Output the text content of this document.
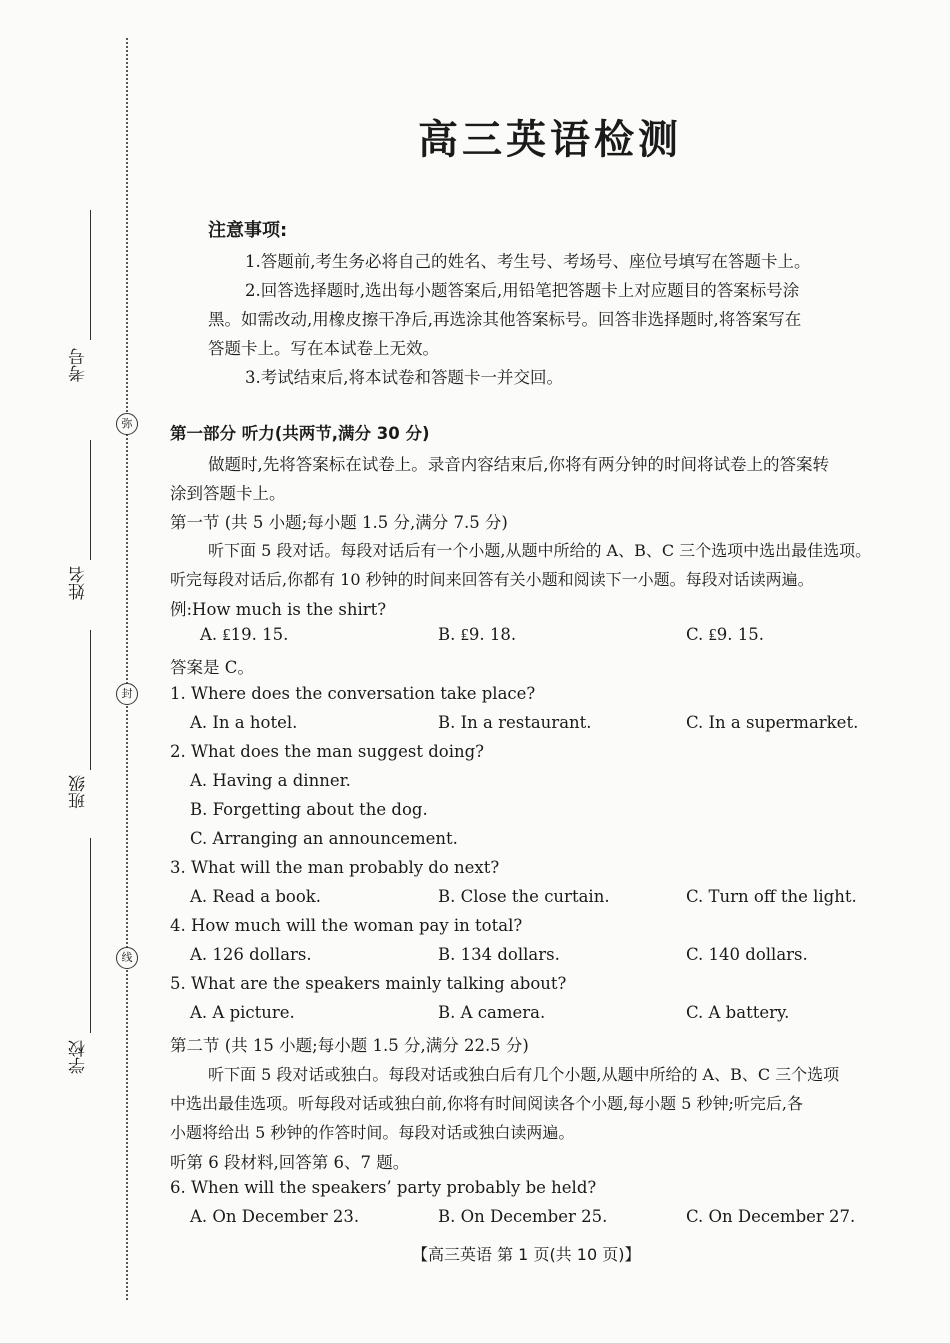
弥
封
线
考号
姓名
班级
学校
高三英语检测
注意事项:
1.答题前,考生务必将自己的姓名、考生号、考场号、座位号填写在答题卡上。
2.回答选择题时,选出每小题答案后,用铅笔把答题卡上对应题目的答案标号涂
黑。如需改动,用橡皮擦干净后,再选涂其他答案标号。回答非选择题时,将答案写在
答题卡上。写在本试卷上无效。
3.考试结束后,将本试卷和答题卡一并交回。
第一部分 听力(共两节,满分 30 分)
做题时,先将答案标在试卷上。录音内容结束后,你将有两分钟的时间将试卷上的答案转
涂到答题卡上。
第一节 (共 5 小题;每小题 1.5 分,满分 7.5 分)
听下面 5 段对话。每段对话后有一个小题,从题中所给的 A、B、C 三个选项中选出最佳选项。
听完每段对话后,你都有 10 秒钟的时间来回答有关小题和阅读下一小题。每段对话读两遍。
例:How much is the shirt?
A. ₤19. 15.	B. ₤9. 18.	C. ₤9. 15.
答案是 C。
1. Where does the conversation take place?
A. In a hotel.	B. In a restaurant.	C. In a supermarket.
2. What does the man suggest doing?
A. Having a dinner.
B. Forgetting about the dog.
C. Arranging an announcement.
3. What will the man probably do next?
A. Read a book.	B. Close the curtain.	C. Turn off the light.
4. How much will the woman pay in total?
A. 126 dollars.	B. 134 dollars.	C. 140 dollars.
5. What are the speakers mainly talking about?
A. A picture.	B. A camera.	C. A battery.
第二节 (共 15 小题;每小题 1.5 分,满分 22.5 分)
听下面 5 段对话或独白。每段对话或独白后有几个小题,从题中所给的 A、B、C 三个选项
中选出最佳选项。听每段对话或独白前,你将有时间阅读各个小题,每小题 5 秒钟;听完后,各
小题将给出 5 秒钟的作答时间。每段对话或独白读两遍。
听第 6 段材料,回答第 6、7 题。
6. When will the speakers’ party probably be held?
A. On December 23.	B. On December 25.	C. On December 27.
【高三英语 第 1 页(共 10 页)】
